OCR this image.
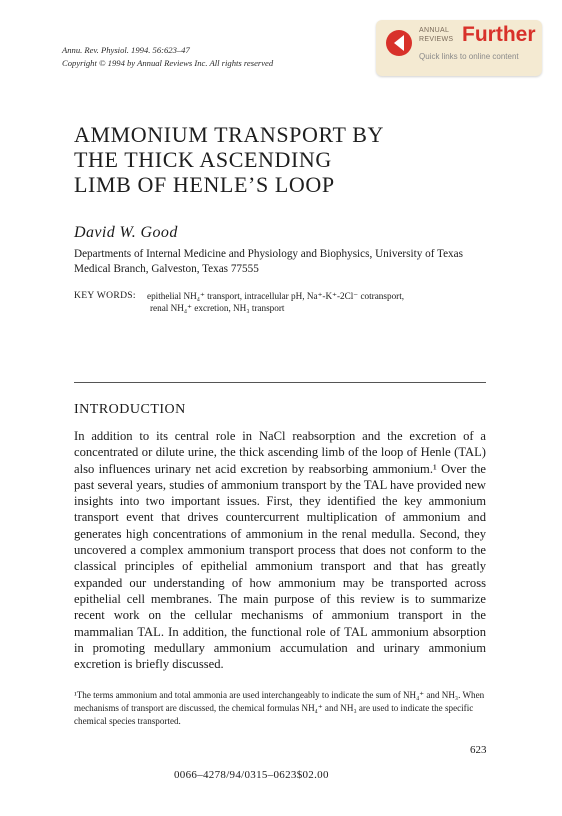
Annu. Rev. Physiol. 1994. 56:623–47
Copyright © 1994 by Annual Reviews Inc. All rights reserved
ANNUAL
REVIEWS Further
Quick links to online content
AMMONIUM TRANSPORT BY
THE THICK ASCENDING
LIMB OF HENLE’S LOOP
David W. Good
Departments of Internal Medicine and Physiology and Biophysics, University of Texas Medical Branch, Galveston, Texas 77555
KEY WORDS: epithelial NH₄⁺ transport, intracellular pH, Na⁺-K⁺-2Cl⁻ cotransport,
renal NH₄⁺ excretion, NH₃ transport
INTRODUCTION
In addition to its central role in NaCl reabsorption and the excretion of a concentrated or dilute urine, the thick ascending limb of the loop of Henle (TAL) also influences urinary net acid excretion by reabsorbing ammonium.¹ Over the past several years, studies of ammonium transport by the TAL have provided new insights into two important issues. First, they identified the key ammonium transport event that drives countercurrent multiplication of ammonium and generates high concentrations of ammonium in the renal medulla. Second, they uncovered a complex ammonium transport process that does not conform to the classical principles of epithelial ammonium transport and that has greatly expanded our understanding of how ammonium may be transported across epithelial cell membranes. The main purpose of this review is to summarize recent work on the cellular mechanisms of ammonium transport in the mammalian TAL. In addition, the functional role of TAL ammonium absorption in promoting medullary ammonium accumulation and urinary ammonium excretion is briefly discussed.
¹The terms ammonium and total ammonia are used interchangeably to indicate the sum of NH₄⁺ and NH₃. When mechanisms of transport are discussed, the chemical formulas NH₄⁺ and NH₃ are used to indicate the specific chemical species transported.
623
0066–4278/94/0315–0623$02.00
